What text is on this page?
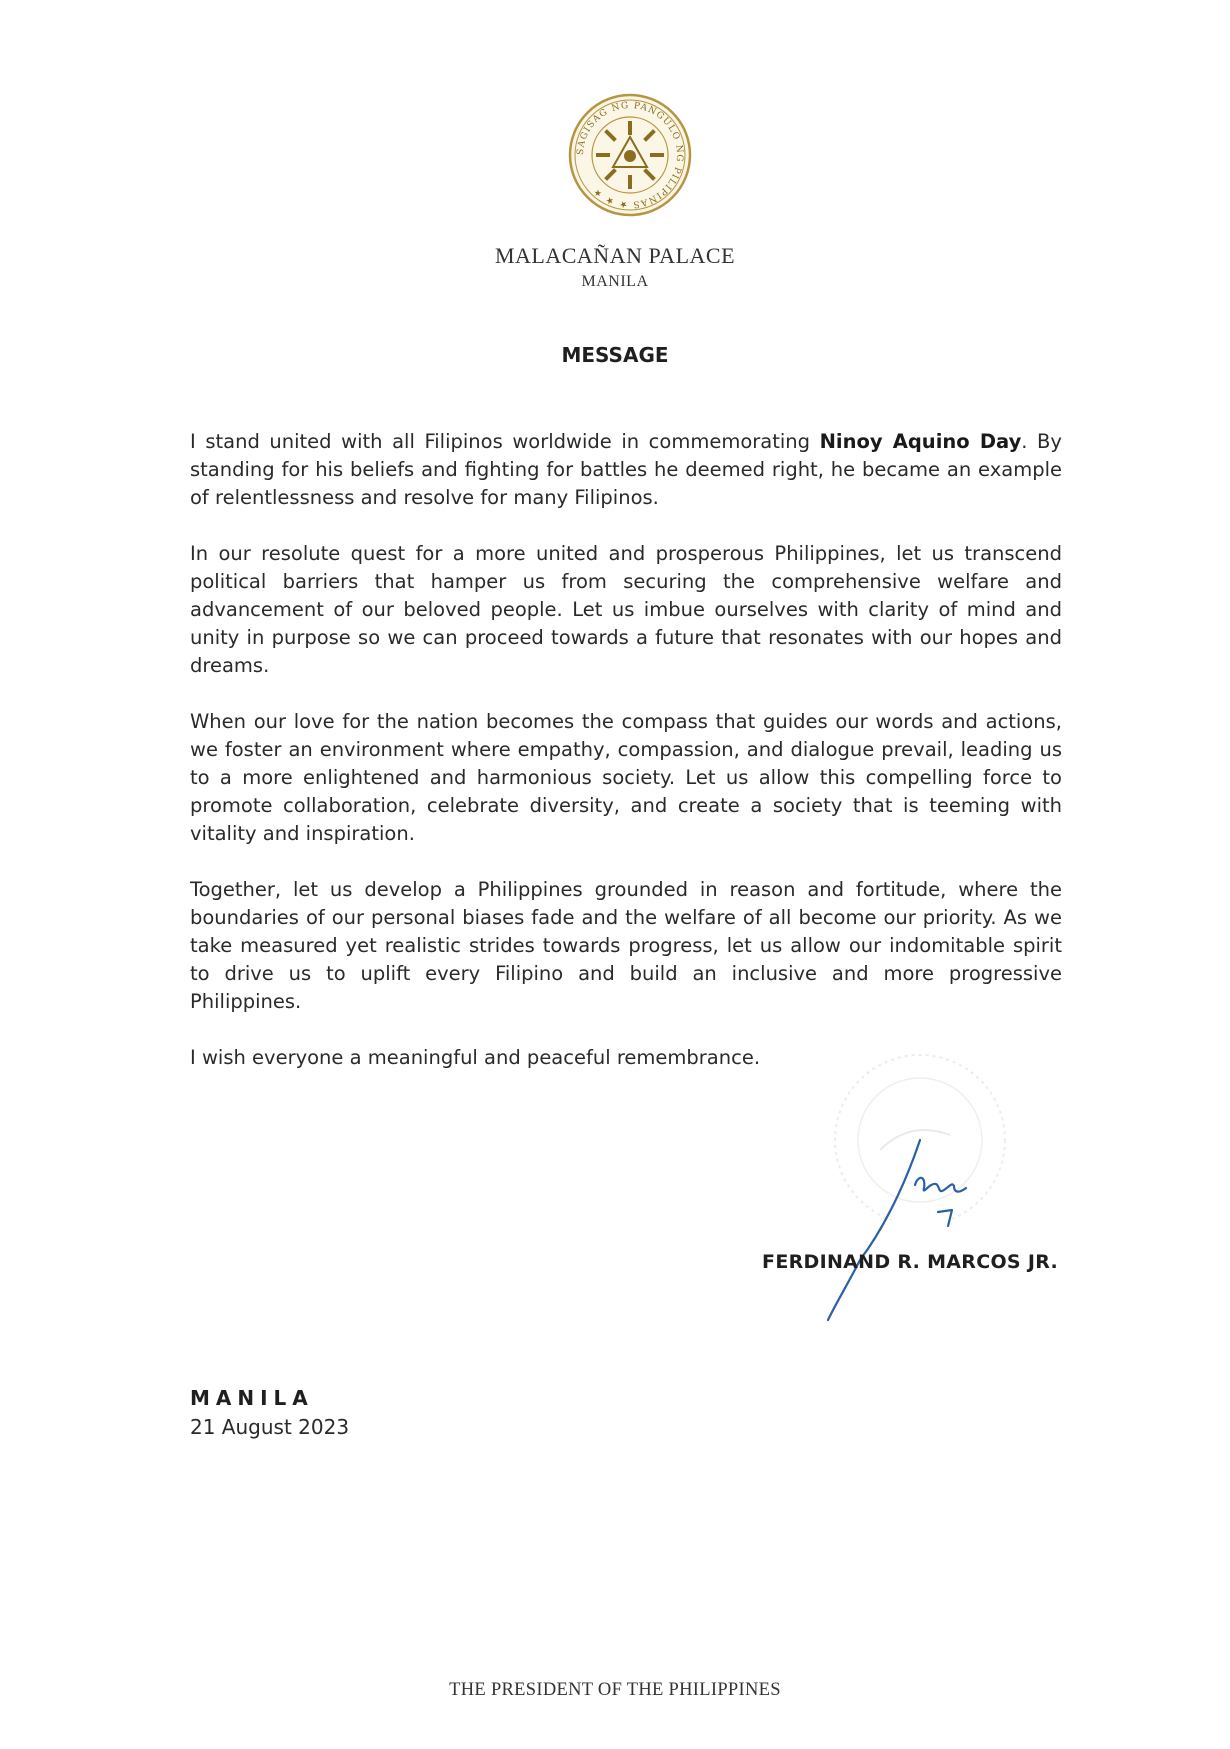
SAGISAG NG PANGULO NG PILIPINAS ★ ★ ★
MALACAÑAN PALACE
MANILA
MESSAGE

I stand united with all Filipinos worldwide in commemorating Ninoy Aquino Day. By standing for his beliefs and fighting for battles he deemed right, he became an example of relentlessness and resolve for many Filipinos.

In our resolute quest for a more united and prosperous Philippines, let us transcend political barriers that hamper us from securing the comprehensive welfare and advancement of our beloved people. Let us imbue ourselves with clarity of mind and unity in purpose so we can proceed towards a future that resonates with our hopes and dreams.

When our love for the nation becomes the compass that guides our words and actions, we foster an environment where empathy, compassion, and dialogue prevail, leading us to a more enlightened and harmonious society. Let us allow this compelling force to promote collaboration, celebrate diversity, and create a society that is teeming with vitality and inspiration.

Together, let us develop a Philippines grounded in reason and fortitude, where the boundaries of our personal biases fade and the welfare of all become our priority. As we take measured yet realistic strides towards progress, let us allow our indomitable spirit to drive us to uplift every Filipino and build an inclusive and more progressive Philippines.

I wish everyone a meaningful and peaceful remembrance.

FERDINAND R. MARCOS JR.
MANILA
21 August 2023
THE PRESIDENT OF THE PHILIPPINES
